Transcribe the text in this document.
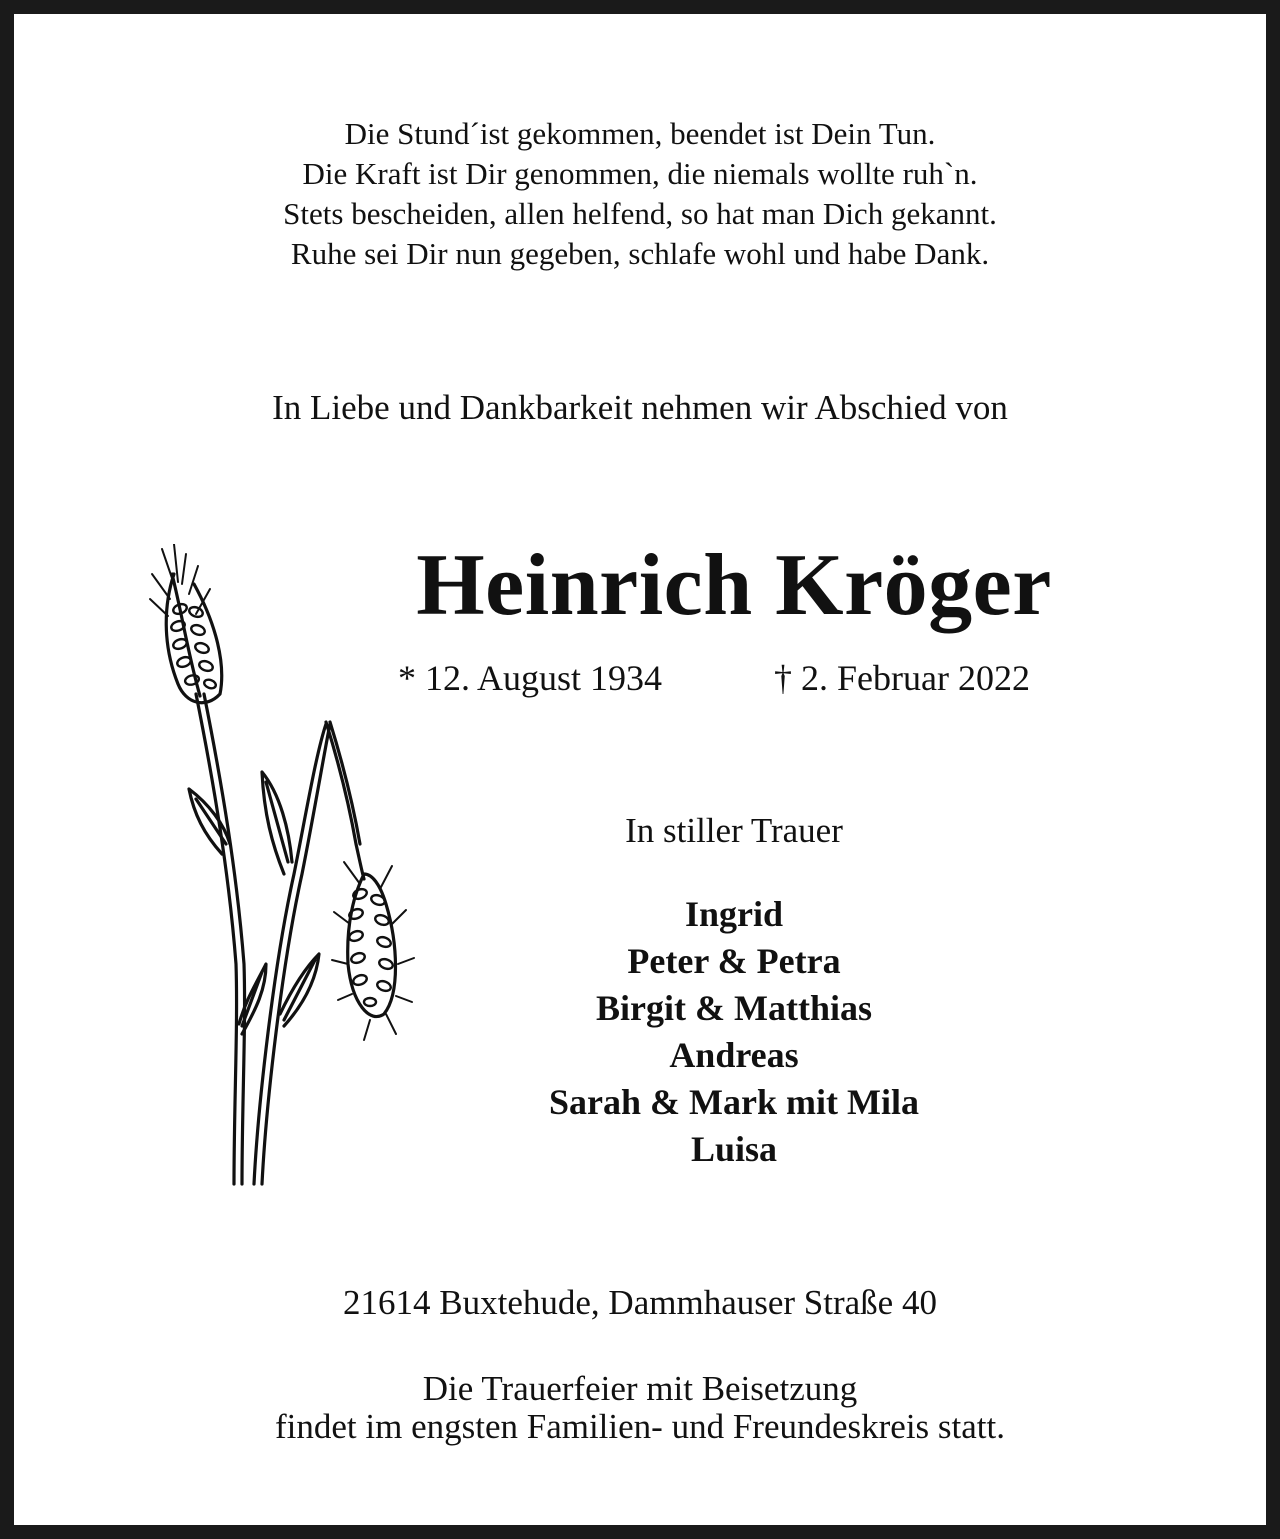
Die Stund´ist gekommen, beendet ist Dein Tun.
Die Kraft ist Dir genommen, die niemals wollte ruh`n.
Stets bescheiden, allen helfend, so hat man Dich gekannt.
Ruhe sei Dir nun gegeben, schlafe wohl und habe Dank.
In Liebe und Dankbarkeit nehmen wir Abschied von
Heinrich Kröger
* 12. August 1934	† 2. Februar 2022
In stiller Trauer
Ingrid
Peter & Petra
Birgit & Matthias
Andreas
Sarah & Mark mit Mila
Luisa
21614 Buxtehude, Dammhauser Straße 40
Die Trauerfeier mit Beisetzung
findet im engsten Familien- und Freundeskreis statt.
